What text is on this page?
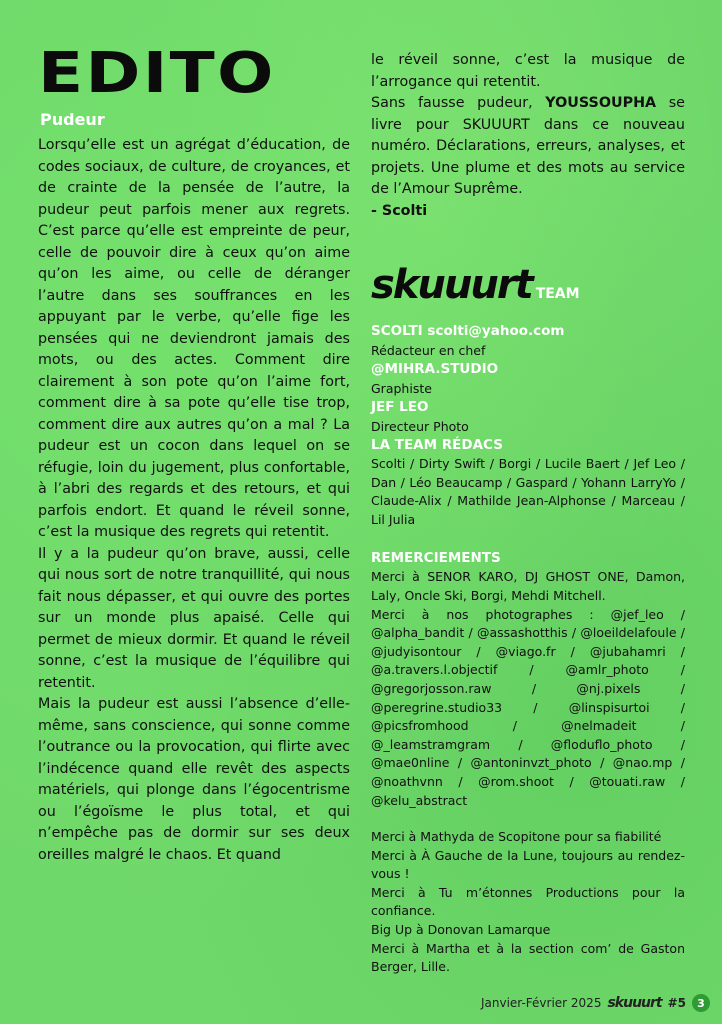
EDITO
Pudeur

Lorsqu’elle est un agrégat d’éducation, de codes sociaux, de culture, de croyances, et de crainte de la pensée de l’autre, la pudeur peut parfois mener aux regrets. C’est parce qu’elle est empreinte de peur, celle de pouvoir dire à ceux qu’on aime qu’on les aime, ou celle de déranger l’autre dans ses souffrances en les appuyant par le verbe, qu’elle fige les pensées qui ne deviendront jamais des mots, ou des actes. Comment dire clairement à son pote qu’on l’aime fort, comment dire à sa pote qu’elle tise trop, comment dire aux autres qu’on a mal ? La pudeur est un cocon dans lequel on se réfugie, loin du jugement, plus confortable, à l’abri des regards et des retours, et qui parfois endort. Et quand le réveil sonne, c’est la musique des regrets qui retentit.

Il y a la pudeur qu’on brave, aussi, celle qui nous sort de notre tranquillité, qui nous fait nous dépasser, et qui ouvre des portes sur un monde plus apaisé. Celle qui permet de mieux dormir. Et quand le réveil sonne, c’est la musique de l’équilibre qui retentit.

Mais la pudeur est aussi l’absence d’elle-même, sans conscience, qui sonne comme l’outrance ou la provocation, qui flirte avec l’indécence quand elle revêt des aspects matériels, qui plonge dans l’égocentrisme ou l’égoïsme le plus total, et qui n’empêche pas de dormir sur ses deux oreilles malgré le chaos. Et quand

le réveil sonne, c’est la musique de l’arrogance qui retentit.
Sans fausse pudeur, YOUSSOUPHA se livre pour SKUUURT dans ce nouveau numéro. Déclarations, erreurs, analyses, et projets. Une plume et des mots au service de l’Amour Suprême.
- Scolti
skuuurt TEAM
SCOLTI scolti@yahoo.com
Rédacteur en chef
@MIHRA.STUDIO
Graphiste
JEF LEO
Directeur Photo
LA TEAM RÉDACS
Scolti / Dirty Swift / Borgi / Lucile Baert / Jef Leo / Dan / Léo Beaucamp / Gaspard / Yohann LarryYo / Claude-Alix / Mathilde Jean-Alphonse / Marceau / Lil Julia
REMERCIEMENTS
Merci à SENOR KARO, DJ GHOST ONE, Damon, Laly, Oncle Ski, Borgi, Mehdi Mitchell.
Merci à nos photographes : @jef_leo / @alpha_bandit / @assashotthis / @loeildelafoule / @judyisontour / @viago.fr / @jubahamri / @a.travers.l.objectif / @amlr_photo / @gregorjosson.raw / @nj.pixels / @peregrine.studio33 / @linspisurtoi / @picsfromhood / @nelmadeit / @_leamstramgram / @floduflo_photo / @mae0nline / @antoninvzt_photo / @nao.mp / @noathvnn / @rom.shoot / @touati.raw / @kelu_abstract
Merci à Mathyda de Scopitone pour sa fiabilité
Merci à À Gauche de la Lune, toujours au rendez-vous !
Merci à Tu m’étonnes Productions pour la confiance.
Big Up à Donovan Lamarque
Merci à Martha et à la section com’ de Gaston Berger, Lille.
Janvier-Février 2025 skuuurt #5	3
